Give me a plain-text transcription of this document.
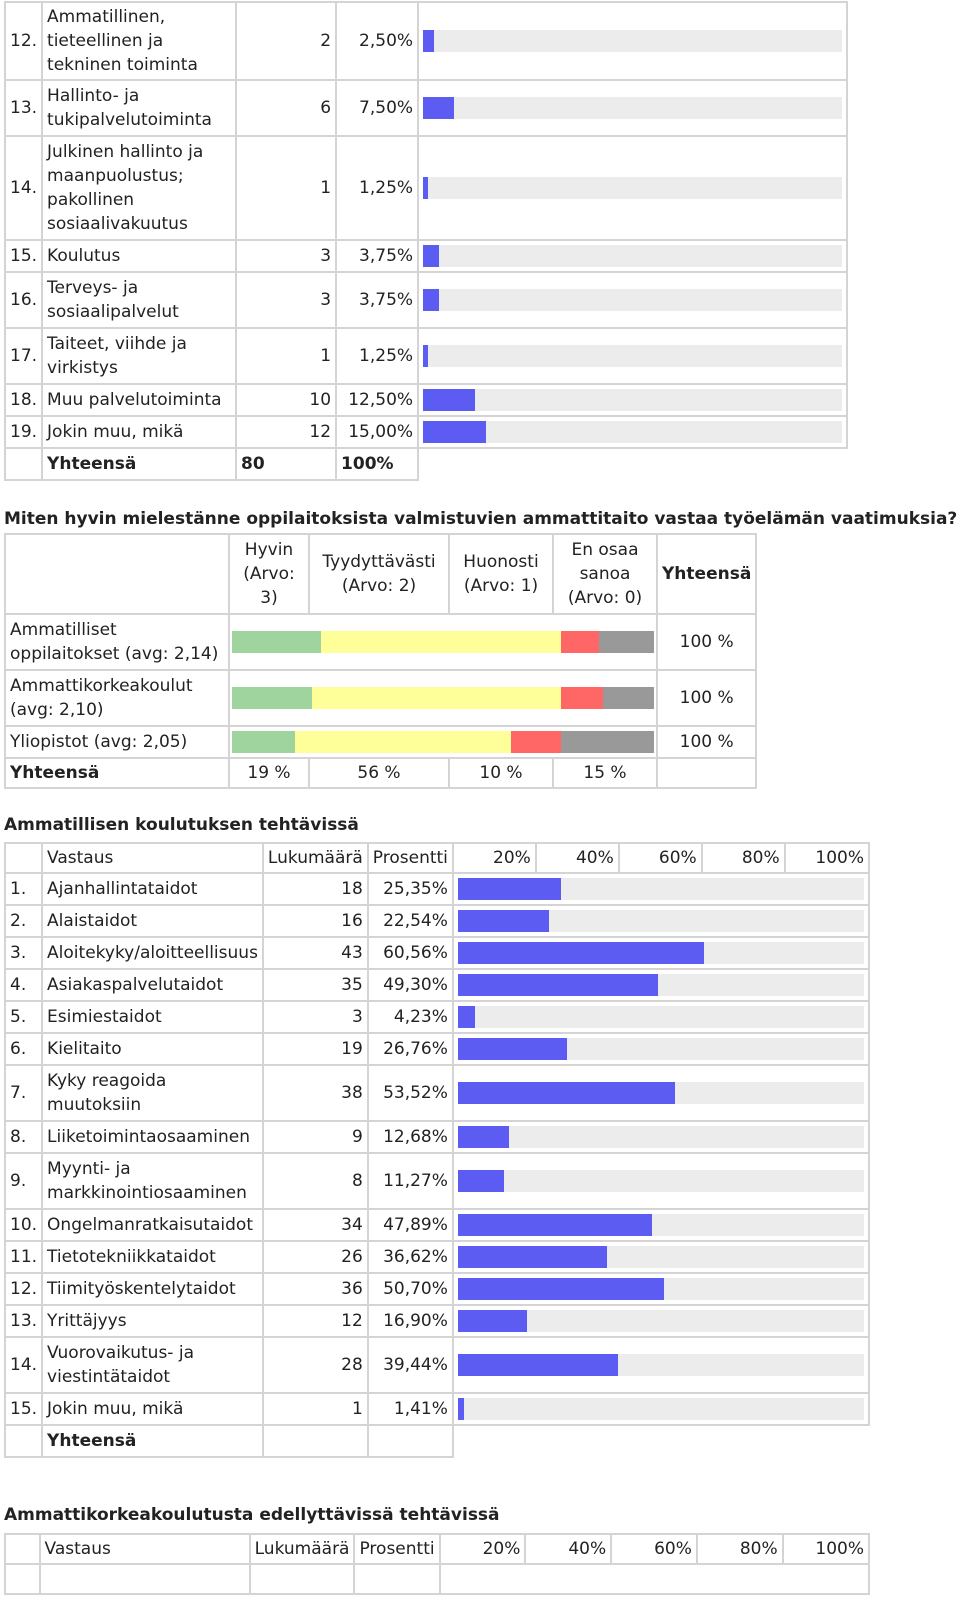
12.	Ammatillinen, tieteellinen ja tekninen toiminta	2	2,50%	

13.	Hallinto- ja tukipalvelutoiminta	6	7,50%	

14.	Julkinen hallinto ja maanpuolustus; pakollinen sosiaalivakuutus	1	1,25%	

15.	Koulutus	3	3,75%	

16.	Terveys- ja sosiaalipalvelut	3	3,75%	

17.	Taiteet, viihde ja virkistys	1	1,25%	

18.	Muu palvelutoiminta	10	12,50%	

19.	Jokin muu, mikä	12	15,00%	

	Yhteensä	80	100%	
Miten hyvin mielestänne oppilaitoksista valmistuvien ammattitaito vastaa työelämän vaatimuksia?
	Hyvin (Arvo: 3)	Tyydyttävästi (Arvo: 2)	Huonosti (Arvo: 1)	En osaa sanoa (Arvo: 0)	Yhteensä
Ammatilliset oppilaitokset (avg: 2,14)					100 %
Ammattikorkeakoulut (avg: 2,10)					100 %
Yliopistot (avg: 2,05)					100 %
Yhteensä	19 %	56 %	10 %	15 %	
Ammatillisen koulutuksen tehtävissä
	Vastaus	Lukumäärä	Prosentti	20%	40%	60%	80%	100%
1.	Ajanhallintataidot	18	25,35%					

2.	Alaistaidot	16	22,54%					

3.	Aloitekyky/aloitteellisuus	43	60,56%					

4.	Asiakaspalvelutaidot	35	49,30%					

5.	Esimiestaidot	3	4,23%					

6.	Kielitaito	19	26,76%					

7.	Kyky reagoida muutoksiin	38	53,52%					

8.	Liiketoimintaosaaminen	9	12,68%					

9.	Myynti- ja markkinointiosaaminen	8	11,27%					

10.	Ongelmanratkaisutaidot	34	47,89%					

11.	Tietotekniikkataidot	26	36,62%					

12.	Tiimityöskentelytaidot	36	50,70%					

13.	Yrittäjyys	12	16,90%					

14.	Vuorovaikutus- ja viestintätaidot	28	39,44%					

15.	Jokin muu, mikä	1	1,41%					

	Yhteensä							
Ammattikorkeakoulutusta edellyttävissä tehtävissä
	Vastaus	Lukumäärä	Prosentti	20%	40%	60%	80%	100%
